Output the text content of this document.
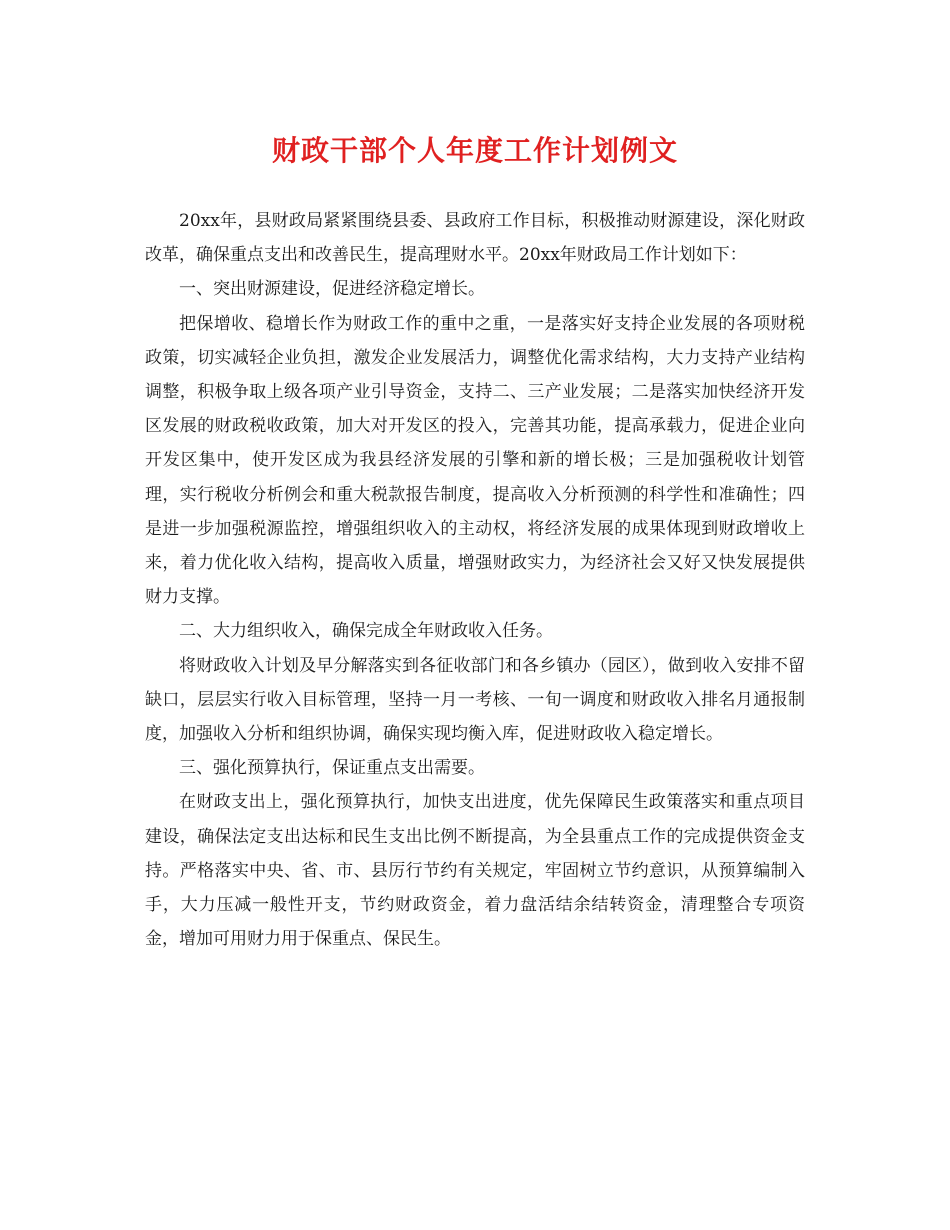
财政干部个人年度工作计划例文

20xx年，县财政局紧紧围绕县委、县政府工作目标，积极推动财源建设，深化财政改革，确保重点支出和改善民生，提高理财水平。20xx年财政局工作计划如下：

一、突出财源建设，促进经济稳定增长。

把保增收、稳增长作为财政工作的重中之重，一是落实好支持企业发展的各项财税政策，切实减轻企业负担，激发企业发展活力，调整优化需求结构，大力支持产业结构调整，积极争取上级各项产业引导资金，支持二、三产业发展；二是落实加快经济开发区发展的财政税收政策，加大对开发区的投入，完善其功能，提高承载力，促进企业向开发区集中，使开发区成为我县经济发展的引擎和新的增长极；三是加强税收计划管理，实行税收分析例会和重大税款报告制度，提高收入分析预测的科学性和准确性；四是进一步加强税源监控，增强组织收入的主动权，将经济发展的成果体现到财政增收上来，着力优化收入结构，提高收入质量，增强财政实力，为经济社会又好又快发展提供财力支撑。

二、大力组织收入，确保完成全年财政收入任务。

将财政收入计划及早分解落实到各征收部门和各乡镇办（园区），做到收入安排不留缺口，层层实行收入目标管理，坚持一月一考核、一旬一调度和财政收入排名月通报制度，加强收入分析和组织协调，确保实现均衡入库，促进财政收入稳定增长。

三、强化预算执行，保证重点支出需要。

在财政支出上，强化预算执行，加快支出进度，优先保障民生政策落实和重点项目建设，确保法定支出达标和民生支出比例不断提高，为全县重点工作的完成提供资金支持。严格落实中央、省、市、县厉行节约有关规定，牢固树立节约意识，从预算编制入手，大力压减一般性开支，节约财政资金，着力盘活结余结转资金，清理整合专项资金，增加可用财力用于保重点、保民生。
